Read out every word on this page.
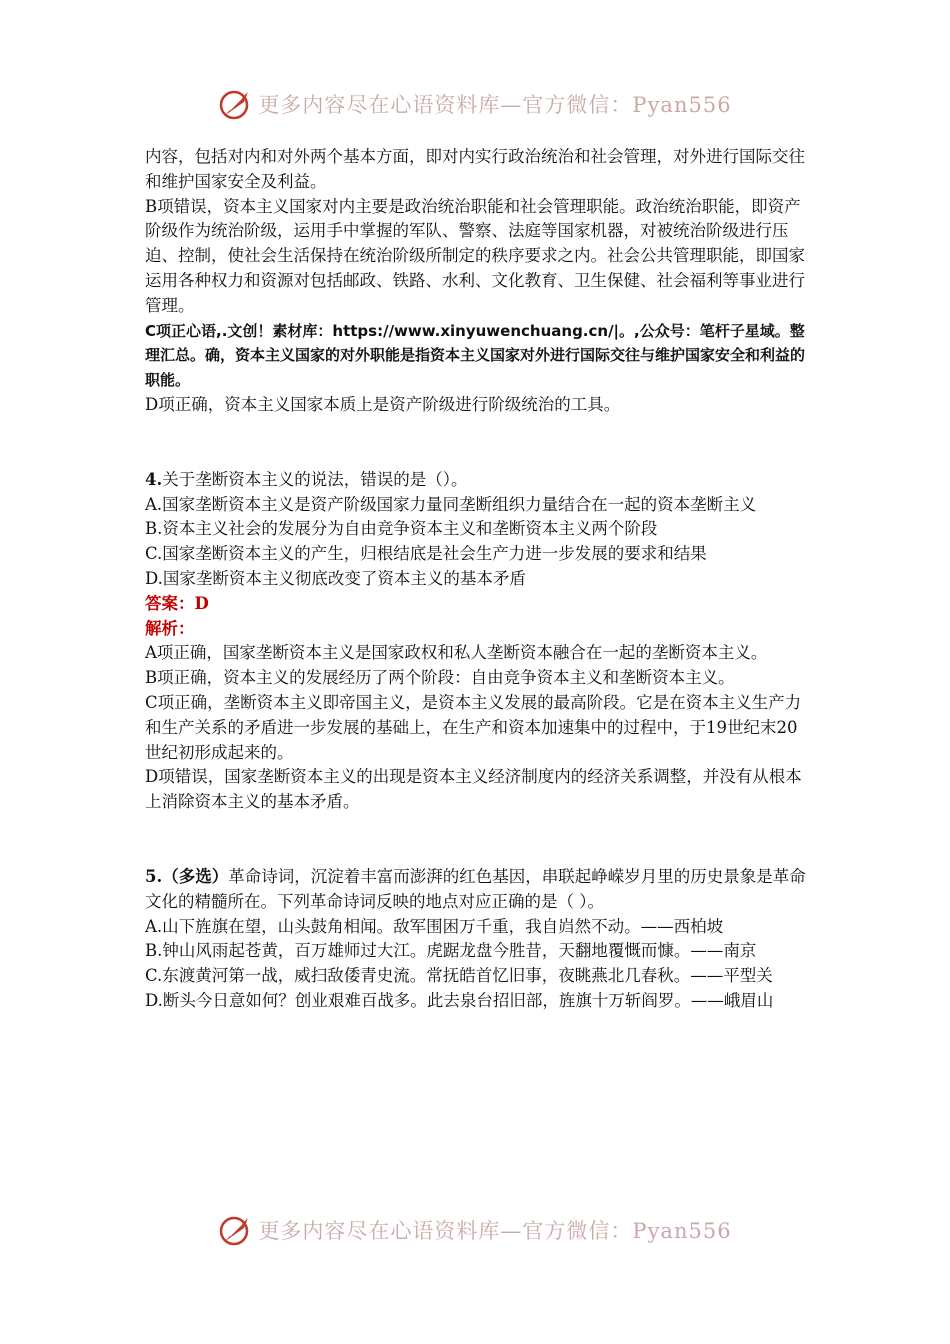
更多内容尽在心语资料库—官方微信：Pyan556

内容，包括对内和对外两个基本方面，即对内实行政治统治和社会管理，对外进行国际交往和维护国家安全及利益。

B项错误，资本主义国家对内主要是政治统治职能和社会管理职能。政治统治职能，即资产阶级作为统治阶级，运用手中掌握的军队、警察、法庭等国家机器，对被统治阶级进行压迫、控制，使社会生活保持在统治阶级所制定的秩序要求之内。社会公共管理职能，即国家运用各种权力和资源对包括邮政、铁路、水利、文化教育、卫生保健、社会福利等事业进行管理。

C项正心语,.文创！素材库：https://www.xinyuwenchuang.cn/|。,公众号：笔杆子星域。整理汇总。确，资本主义国家的对外职能是指资本主义国家对外进行国际交往与维护国家安全和利益的职能。

D项正确，资本主义国家本质上是资产阶级进行阶级统治的工具。

4.关于垄断资本主义的说法，错误的是（）。

A.国家垄断资本主义是资产阶级国家力量同垄断组织力量结合在一起的资本垄断主义

B.资本主义社会的发展分为自由竞争资本主义和垄断资本主义两个阶段

C.国家垄断资本主义的产生，归根结底是社会生产力进一步发展的要求和结果

D.国家垄断资本主义彻底改变了资本主义的基本矛盾

答案：D

解析：

A项正确，国家垄断资本主义是国家政权和私人垄断资本融合在一起的垄断资本主义。

B项正确，资本主义的发展经历了两个阶段：自由竞争资本主义和垄断资本主义。

C项正确，垄断资本主义即帝国主义，是资本主义发展的最高阶段。它是在资本主义生产力和生产关系的矛盾进一步发展的基础上，在生产和资本加速集中的过程中，于19世纪末20世纪初形成起来的。

D项错误，国家垄断资本主义的出现是资本主义经济制度内的经济关系调整，并没有从根本上消除资本主义的基本矛盾。

5.（多选）革命诗词，沉淀着丰富而澎湃的红色基因，串联起峥嵘岁月里的历史景象是革命文化的精髓所在。下列革命诗词反映的地点对应正确的是（ ）。

A.山下旌旗在望，山头鼓角相闻。敌军围困万千重，我自岿然不动。——西柏坡

B.钟山风雨起苍黄，百万雄师过大江。虎踞龙盘今胜昔，天翻地覆慨而慷。——南京

C.东渡黄河第一战，威扫敌倭青史流。常抚皓首忆旧事，夜眺燕北几春秋。——平型关

D.断头今日意如何？创业艰难百战多。此去泉台招旧部，旌旗十万斩阎罗。——峨眉山

更多内容尽在心语资料库—官方微信：Pyan556
